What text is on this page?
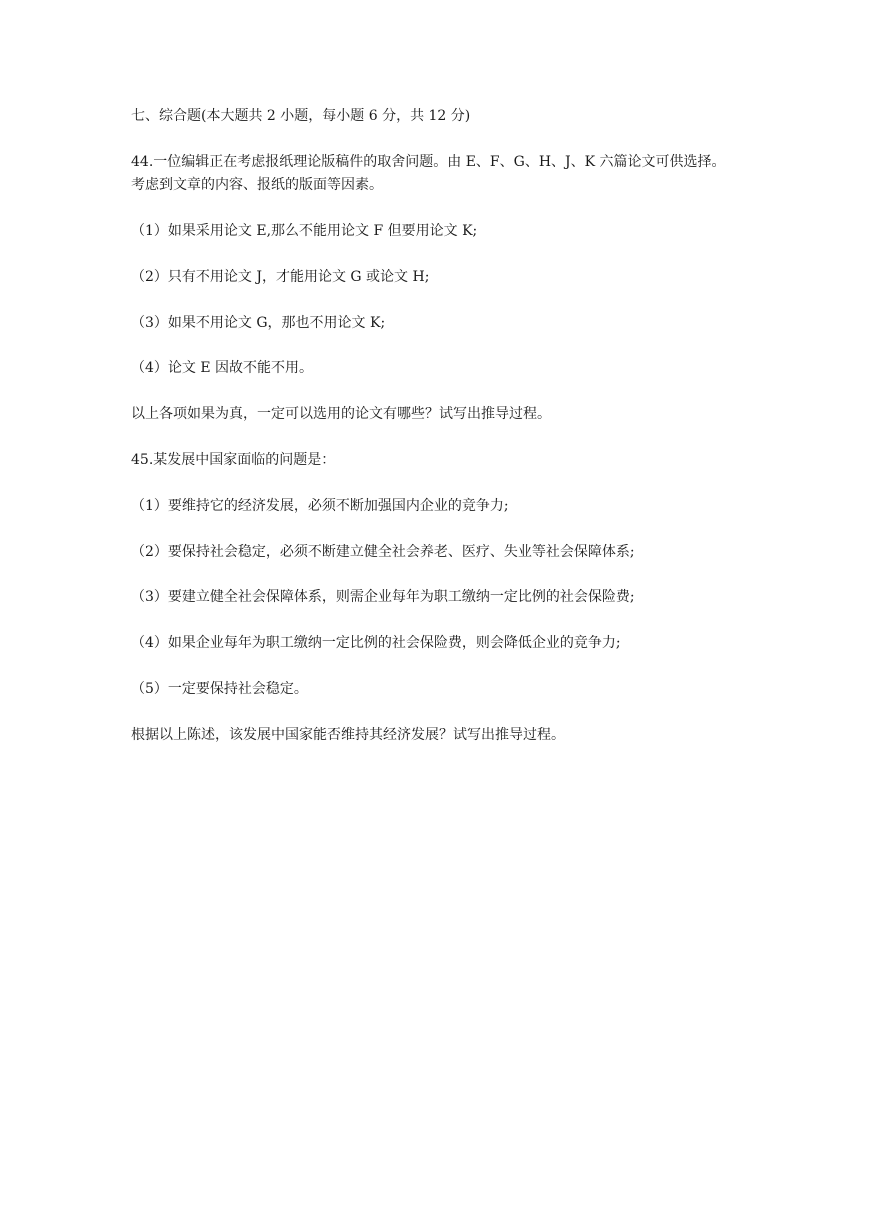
七、综合题(本大题共 2 小题，每小题 6 分，共 12 分)

44.一位编辑正在考虑报纸理论版稿件的取舍问题。由 E、F、G、H、J、K 六篇论文可供选择。

考虑到文章的内容、报纸的版面等因素。

（1）如果采用论文 E,那么不能用论文 F 但要用论文 K;

（2）只有不用论文 J，才能用论文 G 或论文 H;

（3）如果不用论文 G，那也不用论文 K;

（4）论文 E 因故不能不用。

以上各项如果为真，一定可以选用的论文有哪些？试写出推导过程。

45.某发展中国家面临的问题是：

（1）要维持它的经济发展，必须不断加强国内企业的竞争力;

（2）要保持社会稳定，必须不断建立健全社会养老、医疗、失业等社会保障体系;

（3）要建立健全社会保障体系，则需企业每年为职工缴纳一定比例的社会保险费;

（4）如果企业每年为职工缴纳一定比例的社会保险费，则会降低企业的竞争力;

（5）一定要保持社会稳定。

根据以上陈述，该发展中国家能否维持其经济发展？试写出推导过程。
